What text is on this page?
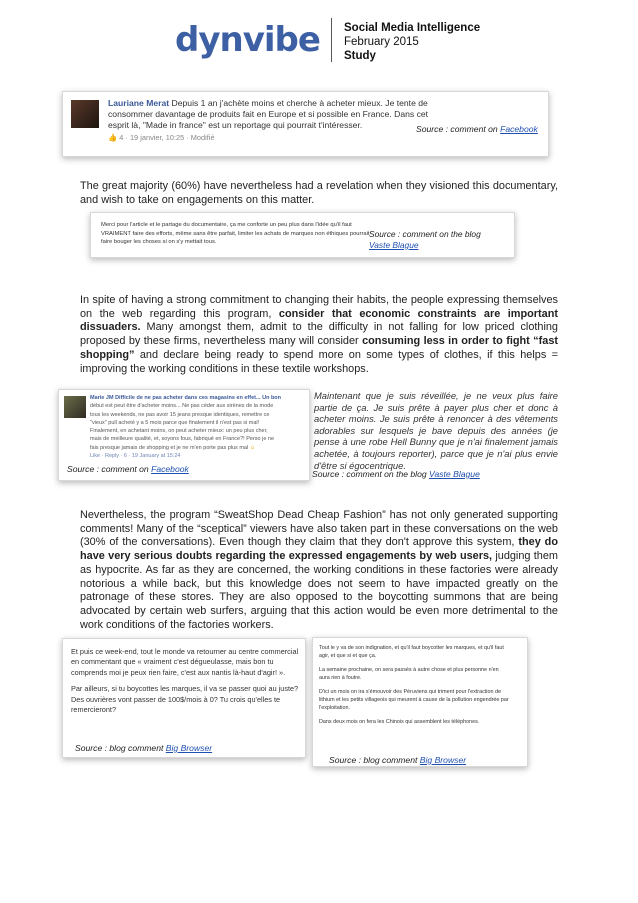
dynvibe Social Media Intelligence
February 2015
Study
Lauriane Merat Depuis 1 an j'achète moins et cherche à acheter mieux. Je tente de
consommer davantage de produits fait en Europe et si possible en France. Dans cet
esprit là, "Made in france" est un reportage qui pourrait t'intéresser.
👍 4 · 19 janvier, 10:25 · Modifié
Source : comment on Facebook
The great majority (60%) have nevertheless had a revelation when they visioned this documentary, and wish to take on engagements on this matter.
Merci pour l'article et le partage du documentaire, ça me conforte un peu plus dans l'idée qu'il faut
VRAIMENT faire des efforts, même sans être parfait, limiter les achats de marques non éthiques pourrait
faire bouger les choses si on s'y mettait tous.
Source : comment on the blog
Vaste Blague
In spite of having a strong commitment to changing their habits, the people expressing themselves on the web regarding this program, consider that economic constraints are important dissuaders. Many amongst them, admit to the difficulty in not falling for low priced clothing proposed by these firms, nevertheless many will consider consuming less in order to fight “fast shopping” and declare being ready to spend more on some types of clothes, if this helps = improving the working conditions in these textile workshops.
Marie JM Difficile de ne pas acheter dans ces magasins en effet... Un bon
début est peut être d'acheter moins... Ne pas céder aux sirènes de la mode
tous les weekends, ne pas avoir 15 jeans presque identiques, remettre ce
"vieux" pull acheté y a 5 mois parce que finalement il n'est pas si mal!
Finalement, en achetant moins, on peut acheter mieux: un peu plus cher,
mais de meilleure qualité, et, soyons fous, fabriqué en France?! Perso je ne
fais presque jamais de shopping et je ne m'en porte pas plus mal ☺
Like · Reply · 6 · 19 January at 15:24
Source : comment on Facebook
Maintenant que je suis réveillée, je ne veux plus faire partie de ça. Je suis prête à payer plus cher et donc à acheter moins. Je suis prête à renoncer à des vêtements adorables sur lesquels je bave depuis des années (je pense à une robe Hell Bunny que je n'ai finalement jamais achetée, à toujours reporter), parce que je n'ai plus envie d'être si égocentrique.
Source : comment on the blog Vaste Blague
Nevertheless, the program “SweatShop Dead Cheap Fashion” has not only generated supporting comments! Many of the “sceptical” viewers have also taken part in these conversations on the web (30% of the conversations). Even though they claim that they don't approve this system, they do have very serious doubts regarding the expressed engagements by web users, judging them as hypocrite. As far as they are concerned, the working conditions in these factories were already notorious a while back, but this knowledge does not seem to have impacted greatly on the patronage of these stores. They are also opposed to the boycotting summons that are being advocated by certain web surfers, arguing that this action would be even more detrimental to the work conditions of the factories workers.
Et puis ce week-end, tout le monde va retourner au centre commercial
en commentant que « vraiment c'est dégueulasse, mais bon tu
comprends moi je peux rien faire, c'est aux nantis là-haut d'agir! ».
Par ailleurs, si tu boycottes les marques, il va se passer quoi au juste?
Des ouvrières vont passer de 100$/mois à 0? Tu crois qu'elles te
remercieront?
Source : blog comment Big Browser
Tout le y va de son indignation, et qu'il faut boycotter les marques, et qu'il faut
agir, et que si et que ça.
La semaine prochaine, on sera passés à autre chose et plus personne n'en
aura rien à foutre.
D'ici un mois on ira s'émouvoir des Péruviens qui triment pour l'extraction de
lithium et les petits villageois qui meurent à cause de la pollution engendrée par
l'exploitation.
Dans deux mois on fera les Chinois qui assemblent les téléphones.
Source : blog comment Big Browser
